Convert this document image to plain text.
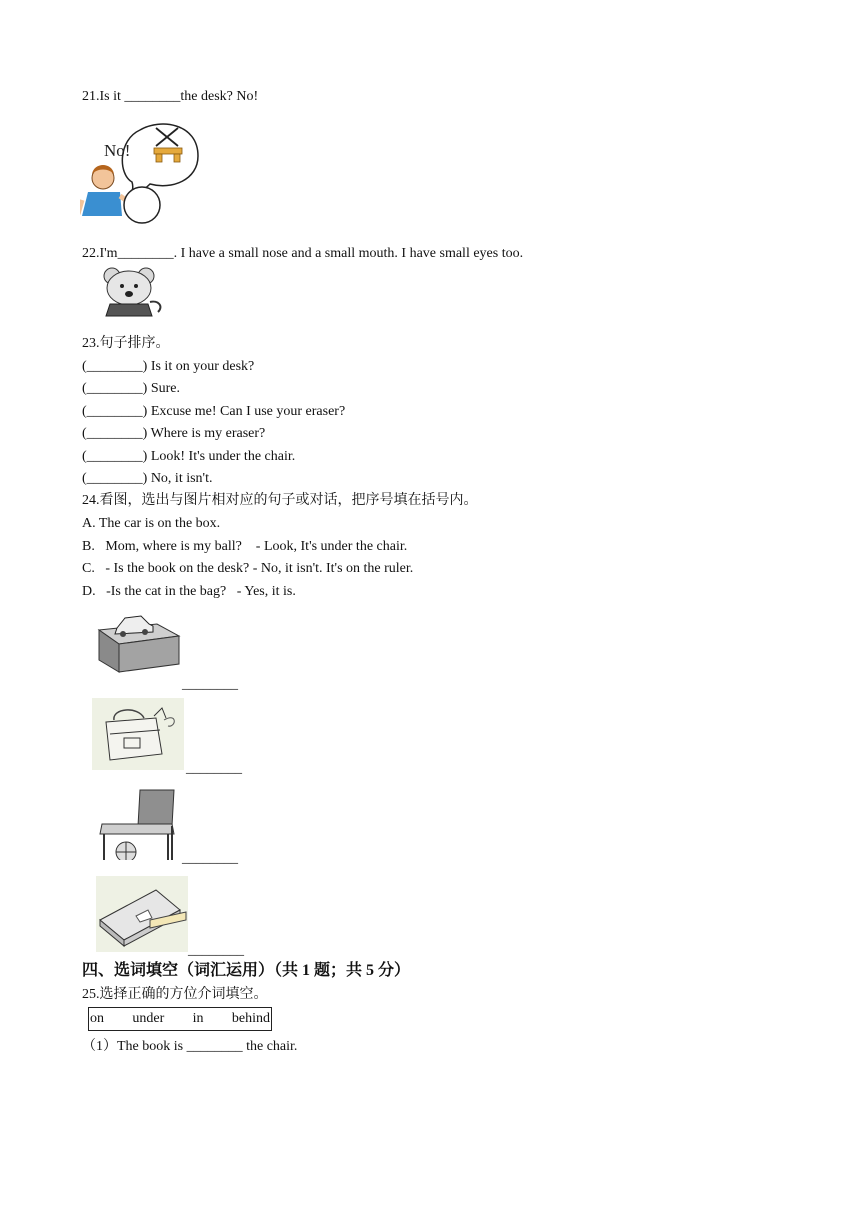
21.Is it ________the desk? No!
No!
22.I'm________. I have a small nose and a small mouth. I have small eyes too.
23.句子排序。
(________) Is it on your desk?
(________) Sure.
(________) Excuse me! Can I use your eraser?
(________) Where is my eraser?
(________) Look! It's under the chair.
(________) No, it isn't.
24.看图，选出与图片相对应的句子或对话，把序号填在括号内。
A. The car is on the box.
B.   Mom, where is my ball?    - Look, It's under the chair.
C.   - Is the book on the desk? - No, it isn't. It's on the ruler.
D.   -Is the cat in the bag?   - Yes, it is.
________
________
________
________
四、选词填空（词汇运用）（共 1 题；共 5 分）
25.选择正确的方位介词填空。
on under in behind
（1）The book is ________ the chair.
